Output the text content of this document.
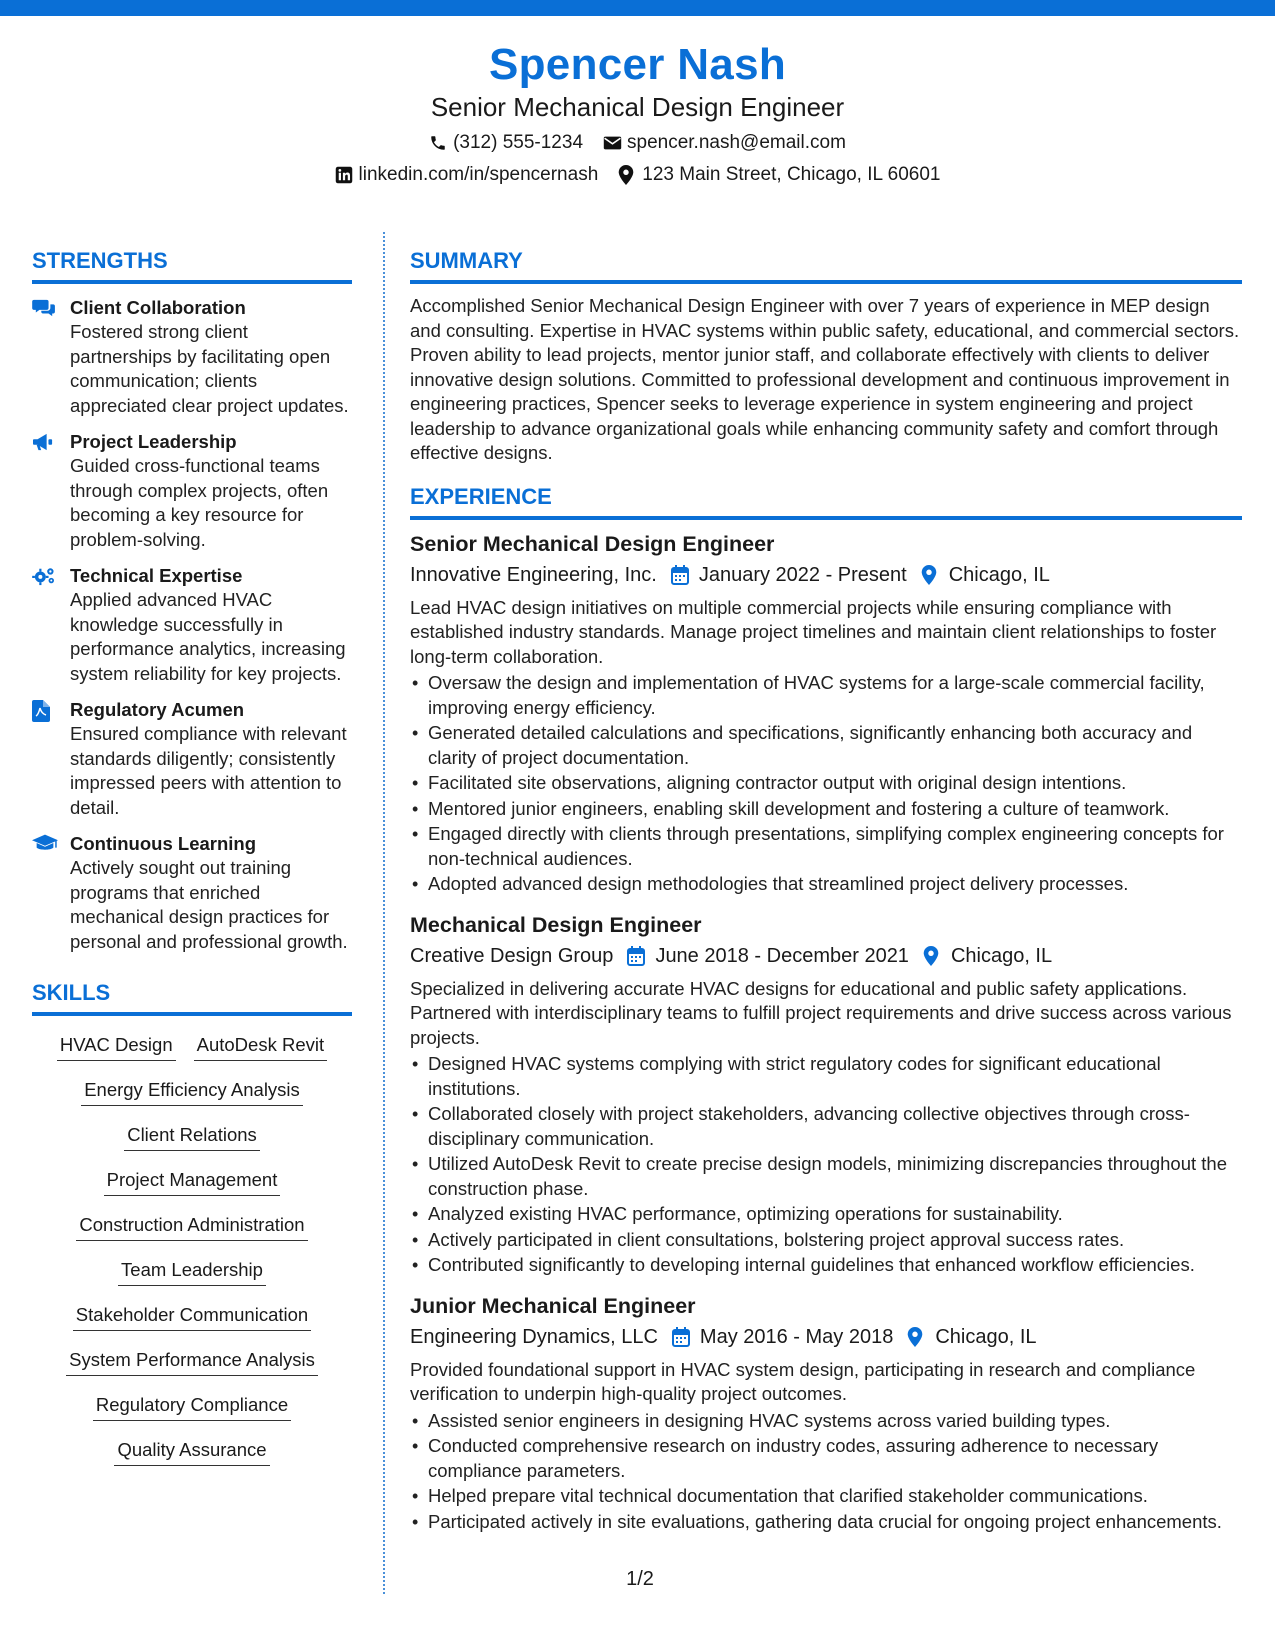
Spencer Nash
Senior Mechanical Design Engineer
(312) 555-1234 spencer.nash@email.com
linkedin.com/in/spencernash 123 Main Street, Chicago, IL 60601
STRENGTHS
Client Collaboration
Fostered strong client partnerships by facilitating open communication; clients appreciated clear project updates.
Project Leadership
Guided cross-functional teams through complex projects, often becoming a key resource for problem-solving.
Technical Expertise
Applied advanced HVAC knowledge successfully in performance analytics, increasing system reliability for key projects.
Regulatory Acumen
Ensured compliance with relevant standards diligently; consistently impressed peers with attention to detail.
Continuous Learning
Actively sought out training programs that enriched mechanical design practices for personal and professional growth.
SKILLS
HVAC Design AutoDesk Revit
Energy Efficiency Analysis
Client Relations
Project Management
Construction Administration
Team Leadership
Stakeholder Communication
System Performance Analysis
Regulatory Compliance
Quality Assurance
SUMMARY
Accomplished Senior Mechanical Design Engineer with over 7 years of experience in MEP design and consulting. Expertise in HVAC systems within public safety, educational, and commercial sectors. Proven ability to lead projects, mentor junior staff, and collaborate effectively with clients to deliver innovative design solutions. Committed to professional development and continuous improvement in engineering practices, Spencer seeks to leverage experience in system engineering and project leadership to advance organizational goals while enhancing community safety and comfort through effective designs.
EXPERIENCE
Senior Mechanical Design Engineer
Innovative Engineering, Inc. January 2022 - Present Chicago, IL
Lead HVAC design initiatives on multiple commercial projects while ensuring compliance with established industry standards. Manage project timelines and maintain client relationships to foster long-term collaboration.
• Oversaw the design and implementation of HVAC systems for a large-scale commercial facility, improving energy efficiency.
• Generated detailed calculations and specifications, significantly enhancing both accuracy and clarity of project documentation.
• Facilitated site observations, aligning contractor output with original design intentions.
• Mentored junior engineers, enabling skill development and fostering a culture of teamwork.
• Engaged directly with clients through presentations, simplifying complex engineering concepts for non-technical audiences.
• Adopted advanced design methodologies that streamlined project delivery processes.
Mechanical Design Engineer
Creative Design Group June 2018 - December 2021 Chicago, IL
Specialized in delivering accurate HVAC designs for educational and public safety applications. Partnered with interdisciplinary teams to fulfill project requirements and drive success across various projects.
• Designed HVAC systems complying with strict regulatory codes for significant educational institutions.
• Collaborated closely with project stakeholders, advancing collective objectives through cross-disciplinary communication.
• Utilized AutoDesk Revit to create precise design models, minimizing discrepancies throughout the construction phase.
• Analyzed existing HVAC performance, optimizing operations for sustainability.
• Actively participated in client consultations, bolstering project approval success rates.
• Contributed significantly to developing internal guidelines that enhanced workflow efficiencies.
Junior Mechanical Engineer
Engineering Dynamics, LLC May 2016 - May 2018 Chicago, IL
Provided foundational support in HVAC system design, participating in research and compliance verification to underpin high-quality project outcomes.
• Assisted senior engineers in designing HVAC systems across varied building types.
• Conducted comprehensive research on industry codes, assuring adherence to necessary compliance parameters.
• Helped prepare vital technical documentation that clarified stakeholder communications.
• Participated actively in site evaluations, gathering data crucial for ongoing project enhancements.
1/2
